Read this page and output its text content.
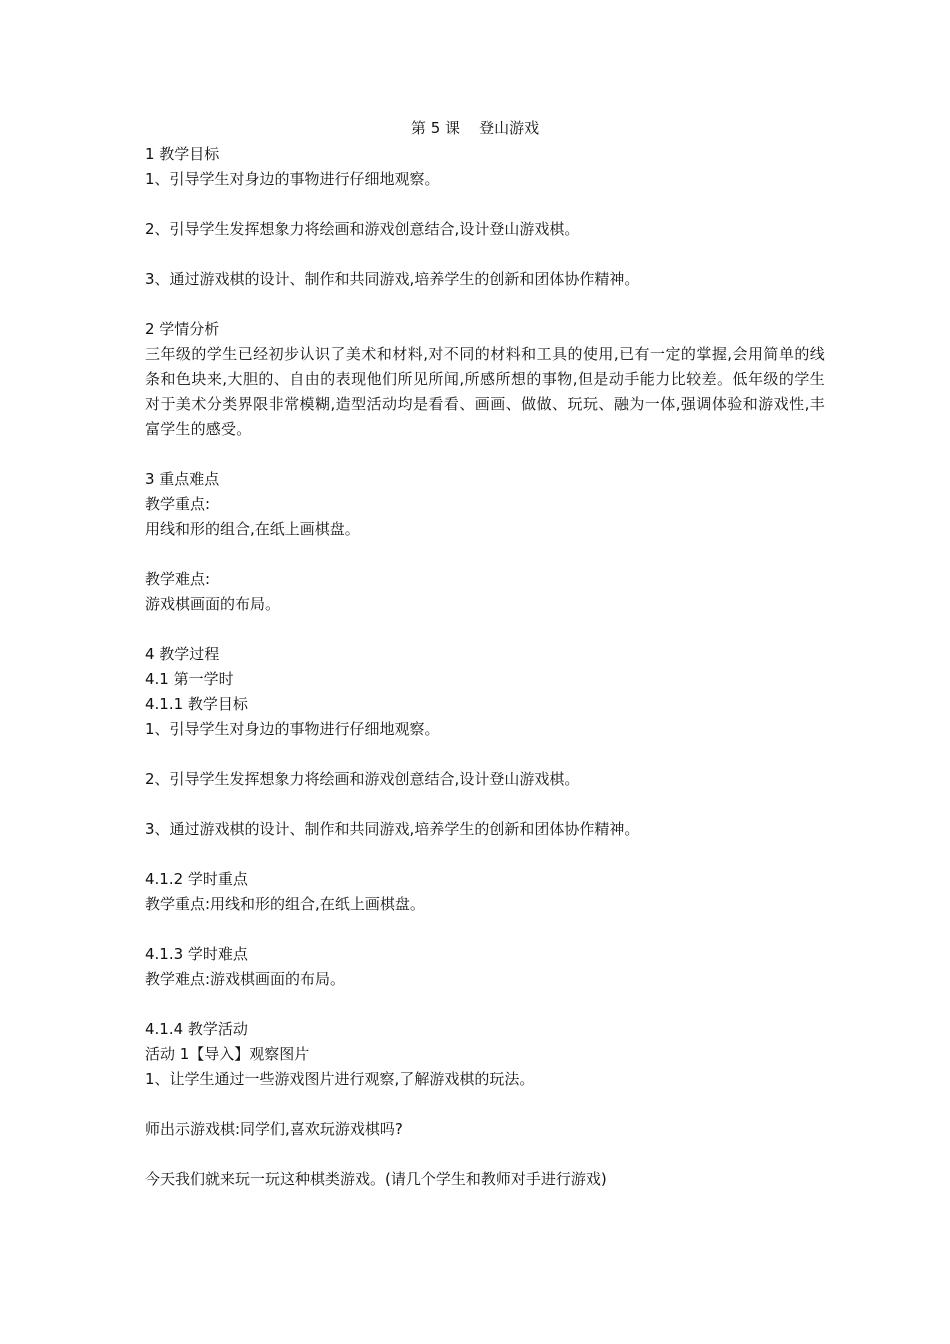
第 5 课    登山游戏
1 教学目标
1、引导学生对身边的事物进行仔细地观察。
2、引导学生发挥想象力将绘画和游戏创意结合,设计登山游戏棋。
3、通过游戏棋的设计、制作和共同游戏,培养学生的创新和团体协作精神。
2 学情分析
三年级的学生已经初步认识了美术和材料,对不同的材料和工具的使用,已有一定的掌握,会用简单的线条和色块来,大胆的、自由的表现他们所见所闻,所感所想的事物,但是动手能力比较差。低年级的学生对于美术分类界限非常模糊,造型活动均是看看、画画、做做、玩玩、融为一体,强调体验和游戏性,丰富学生的感受。
3 重点难点
教学重点:
用线和形的组合,在纸上画棋盘。
教学难点:
游戏棋画面的布局。
4 教学过程
4.1 第一学时
4.1.1 教学目标
1、引导学生对身边的事物进行仔细地观察。
2、引导学生发挥想象力将绘画和游戏创意结合,设计登山游戏棋。
3、通过游戏棋的设计、制作和共同游戏,培养学生的创新和团体协作精神。
4.1.2 学时重点
教学重点:用线和形的组合,在纸上画棋盘。
4.1.3 学时难点
教学难点:游戏棋画面的布局。
4.1.4 教学活动
活动 1【导入】观察图片
1、让学生通过一些游戏图片进行观察,了解游戏棋的玩法。
师出示游戏棋:同学们,喜欢玩游戏棋吗?
今天我们就来玩一玩这种棋类游戏。(请几个学生和教师对手进行游戏)
